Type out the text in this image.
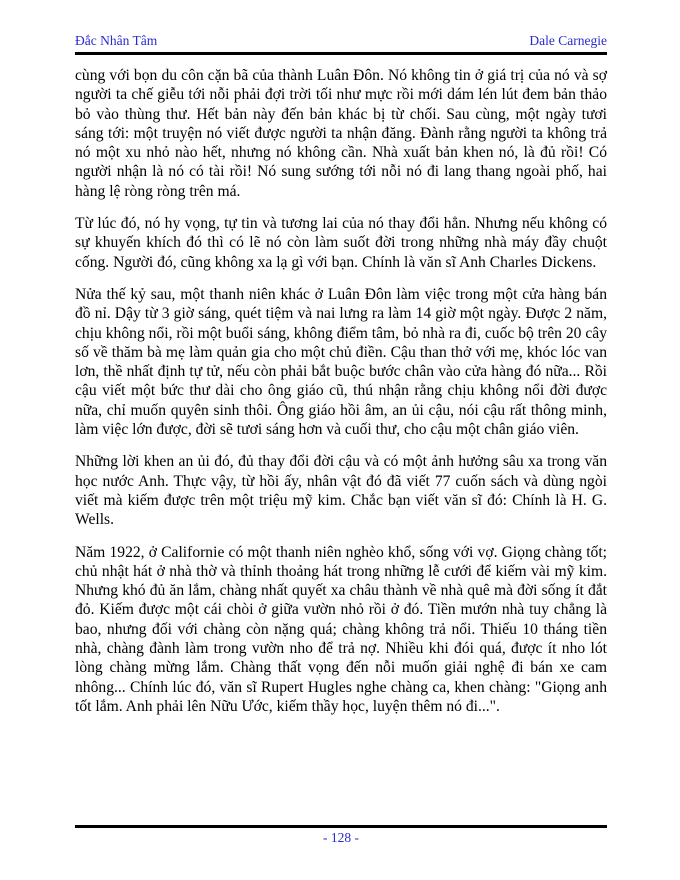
Đắc Nhân Tâm	Dale Carnegie

cùng với bọn du côn cặn bã của thành Luân Đôn. Nó không tin ở giá trị của nó và sợ người ta chế giễu tới nỗi phải đợi trời tối như mực rồi mới dám lén lút đem bản thảo bỏ vào thùng thư. Hết bản này đến bản khác bị từ chối. Sau cùng, một ngày tươi sáng tới: một truyện nó viết được người ta nhận đăng. Đành rằng người ta không trả nó một xu nhỏ nào hết, nhưng nó không cần. Nhà xuất bản khen nó, là đủ rồi! Có người nhận là nó có tài rồi! Nó sung sướng tới nỗi nó đi lang thang ngoài phố, hai hàng lệ ròng ròng trên má.

Từ lúc đó, nó hy vọng, tự tin và tương lai của nó thay đổi hẳn. Nhưng nếu không có sự khuyến khích đó thì có lẽ nó còn làm suốt đời trong những nhà máy đầy chuột cống. Người đó, cũng không xa lạ gì với bạn. Chính là văn sĩ Anh Charles Dickens.

Nửa thế kỷ sau, một thanh niên khác ở Luân Đôn làm việc trong một cửa hàng bán đồ nỉ. Dậy từ 3 giờ sáng, quét tiệm và nai lưng ra làm 14 giờ một ngày. Được 2 năm, chịu không nổi, rồi một buổi sáng, không điểm tâm, bỏ nhà ra đi, cuốc bộ trên 20 cây số về thăm bà mẹ làm quản gia cho một chủ điền. Cậu than thở với mẹ, khóc lóc van lơn, thề nhất định tự tử, nếu còn phải bắt buộc bước chân vào cửa hàng đó nữa... Rồi cậu viết một bức thư dài cho ông giáo cũ, thú nhận rằng chịu không nổi đời được nữa, chỉ muốn quyên sinh thôi. Ông giáo hồi âm, an ủi cậu, nói cậu rất thông minh, làm việc lớn được, đời sẽ tươi sáng hơn và cuối thư, cho cậu một chân giáo viên.

Những lời khen an ủi đó, đủ thay đổi đời cậu và có một ảnh hưởng sâu xa trong văn học nước Anh. Thực vậy, từ hồi ấy, nhân vật đó đã viết 77 cuốn sách và dùng ngòi viết mà kiếm được trên một triệu mỹ kim. Chắc bạn viết văn sĩ đó: Chính là H. G. Wells.

Năm 1922, ở Californie có một thanh niên nghèo khổ, sống với vợ. Giọng chàng tốt; chủ nhật hát ở nhà thờ và thỉnh thoảng hát trong những lễ cưới để kiếm vài mỹ kim. Nhưng khó đủ ăn lắm, chàng nhất quyết xa châu thành về nhà quê mà đời sống ít đắt đỏ. Kiếm được một cái chòi ở giữa vườn nhỏ rồi ở đó. Tiền mướn nhà tuy chẳng là bao, nhưng đối với chàng còn nặng quá; chàng không trả nổi. Thiếu 10 tháng tiền nhà, chàng đành làm trong vườn nho để trả nợ. Nhiều khi đói quá, được ít nho lót lòng chàng mừng lắm. Chàng thất vọng đến nỗi muốn giải nghệ đi bán xe cam nhông... Chính lúc đó, văn sĩ Rupert Hugles nghe chàng ca, khen chàng: "Giọng anh tốt lắm. Anh phải lên Nữu Ước, kiếm thầy học, luyện thêm nó đi...".

- 128 -
